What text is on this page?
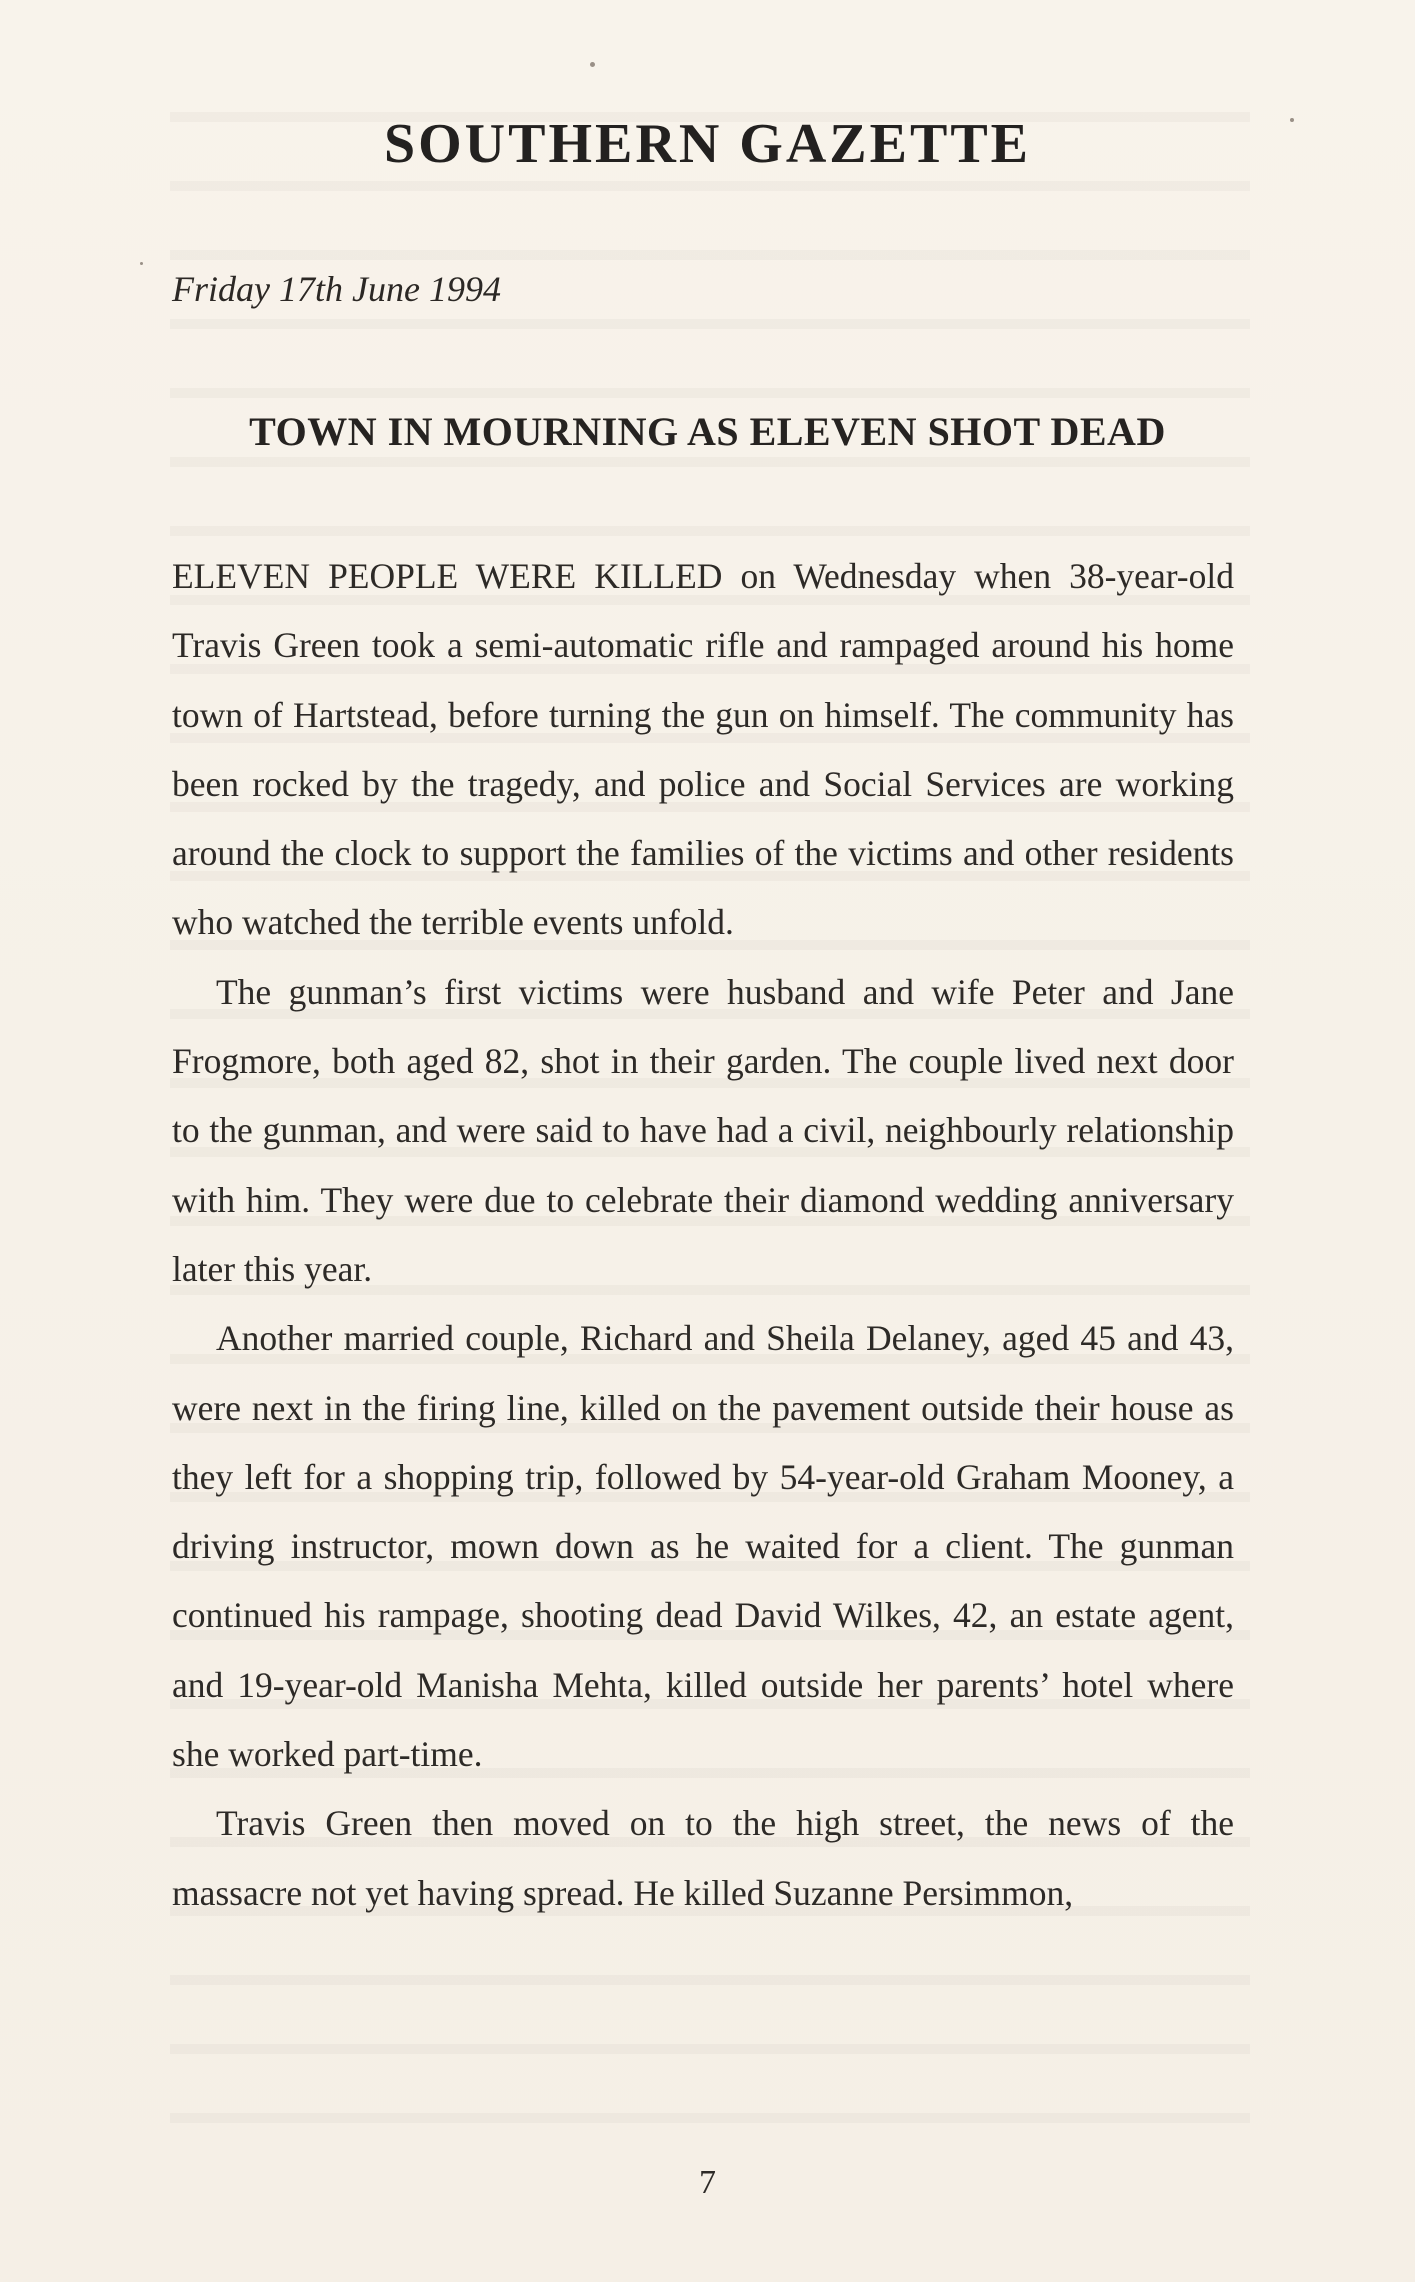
SOUTHERN GAZETTE
Friday 17th June 1994
TOWN IN MOURNING AS ELEVEN SHOT DEAD

ELEVEN PEOPLE WERE KILLED on Wednesday when 38-year-old Travis Green took a semi-automatic rifle and rampaged around his home town of Hartstead, before turning the gun on himself. The community has been rocked by the tragedy, and police and Social Services are working around the clock to support the families of the victims and other residents who watched the terrible events unfold.

The gunman’s first victims were husband and wife Peter and Jane Frogmore, both aged 82, shot in their garden. The couple lived next door to the gunman, and were said to have had a civil, neighbourly relationship with him. They were due to celebrate their diamond wedding anniversary later this year.

Another married couple, Richard and Sheila Delaney, aged 45 and 43, were next in the firing line, killed on the pavement outside their house as they left for a shopping trip, followed by 54-year-old Graham Mooney, a driving instructor, mown down as he waited for a client. The gunman continued his rampage, shooting dead David Wilkes, 42, an estate agent, and 19-year-old Manisha Mehta, killed outside her parents’ hotel where she worked part-time.

Travis Green then moved on to the high street, the news of the massacre not yet having spread. He killed Suzanne Persimmon,

7
